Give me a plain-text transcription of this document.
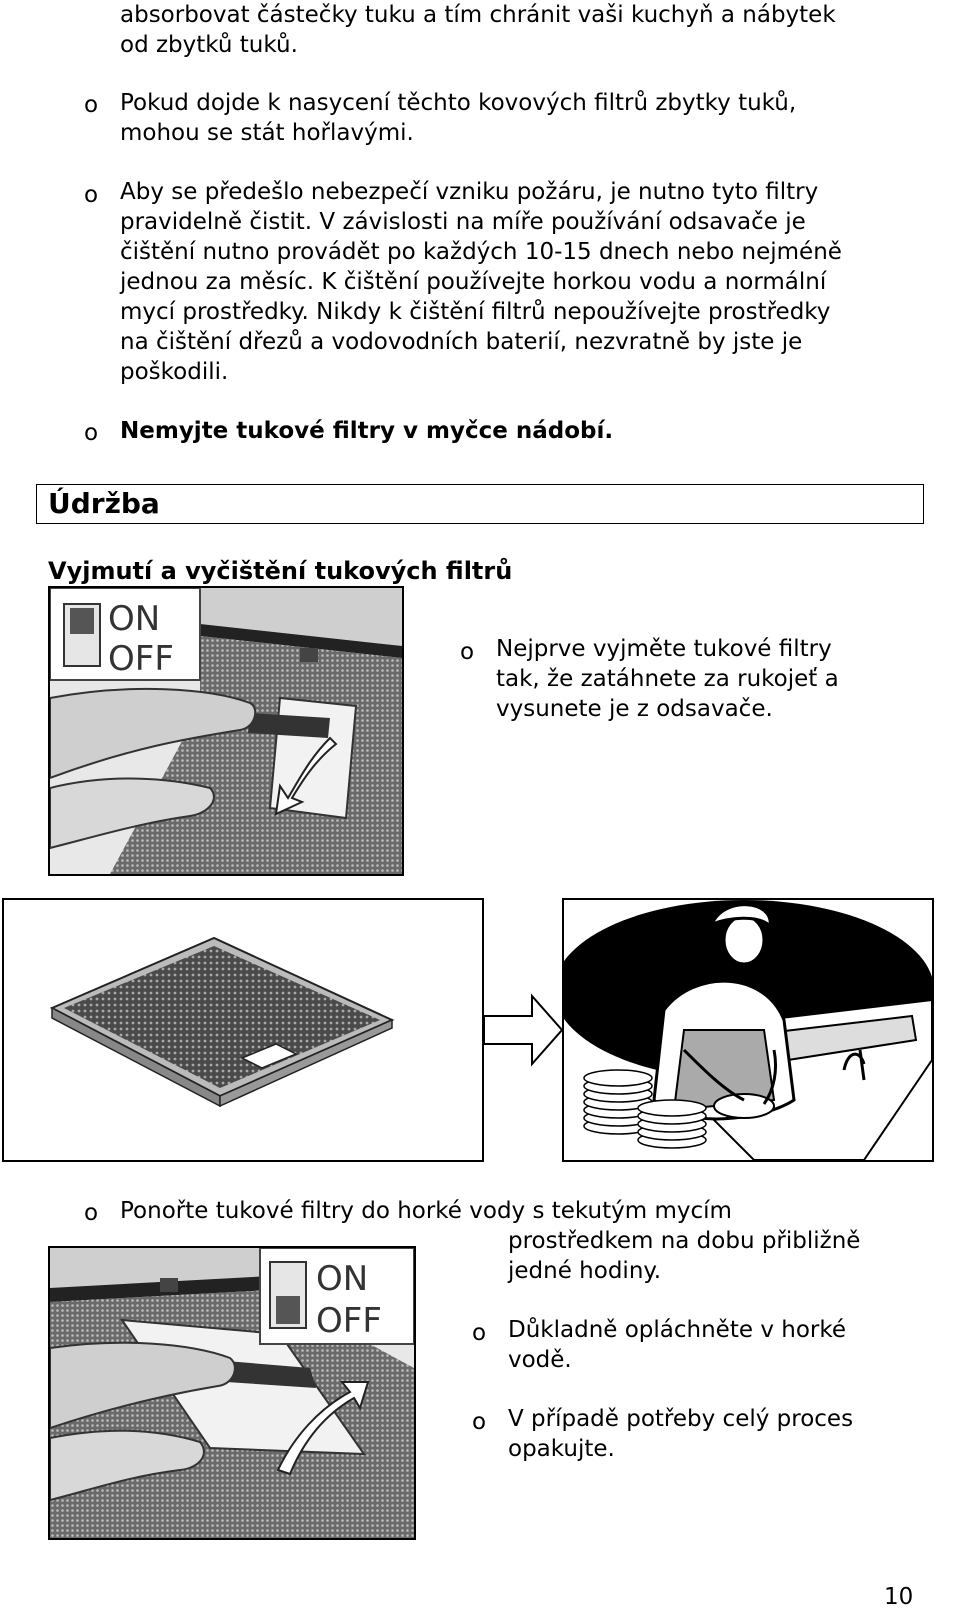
absorbovat částečky tuku a tím chránit vaši kuchyň a nábytek
od zbytků tuků.
o Pokud dojde k nasycení těchto kovových filtrů zbytky tuků,
mohou se stát hořlavými.
o Aby se předešlo nebezpečí vzniku požáru, je nutno tyto filtry
pravidelně čistit. V závislosti na míře používání odsavače je
čištění nutno provádět po každých 10-15 dnech nebo nejméně
jednou za měsíc. K čištění používejte horkou vodu a normální
mycí prostředky. Nikdy k čištění filtrů nepoužívejte prostředky
na čištění dřezů a vodovodních baterií, nezvratně by jste je
poškodili.
o Nemyjte tukové filtry v myčce nádobí.
Údržba
Vyjmutí a vyčištění tukových filtrů
ON
OFF	o Nejprve vyjměte tukové filtry
tak, že zatáhnete za rukojeť a
vysunete je z odsavače.
o Ponořte tukové filtry do horké vody s tekutým mycím
prostředkem na dobu přibližně
jedné hodiny.
ON
OFF	o Důkladně opláchněte v horké
vodě.
o V případě potřeby celý proces
opakujte.
10
